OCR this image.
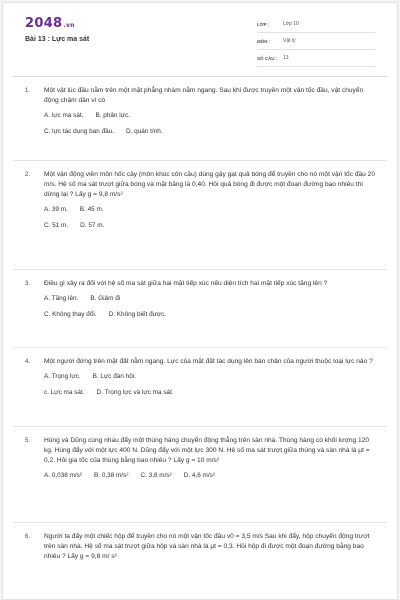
2048.vn
Bài 13 : Lực ma sát
LỚP :	Lớp 10
MÔN :	Vật lý
SỐ CÂU :	13
1. Một vật lúc đầu nằm trên một mặt phẳng nhám nằm ngang. Sau khi được truyền một vận tốc đầu, vật chuyển động chậm dần vì có
A. lực ma sát. B. phản lực.
C. lực tác dụng ban đầu. D. quán tính.
2. Một vận động viên môn hốc cây (môn khúc côn cầu) dùng gậy gạt quả bóng để truyền cho nó một vận tốc đầu 20 m/s. Hệ số ma sát trượt giữa bóng và mặt băng là 0,40. Hỏi quả bóng đi được một đoạn đường bao nhiêu thì dừng lại ? Lấy g = 9,8 m/s²
A. 39 m. B. 45 m.
C. 51 m. D. 57 m.
3. Điều gì xảy ra đối với hệ số ma sát giữa hai mặt tiếp xúc nếu diện tích hai mặt tiếp xúc tăng lên ?
A. Tăng lên. B. Giảm đi
C. Không thay đổi. D. Không biết được.
4. Một người đứng trên mặt đất nằm ngang. Lực của mặt đất tác dụng lên bàn chân của người thuộc loại lực nào ?
A. Trọng lực. B. Lực đàn hồi.
c. Lực ma sát. D. Trọng lực và lực ma sát.
5. Hùng và Dũng cùng nhau đẩy một thùng hàng chuyển động thẳng trên sàn nhà. Thùng hàng có khối lượng 120 kg. Hùng đẩy với một lực 400 N. Dũng đẩy với một lực 300 N. Hệ số ma sát trượt giữa thùng và sàn nhà là μt = 0,2. Hỏi gia tốc của thùng bằng bao nhiêu ? Lấy g = 10 m/s²
A. 0,038 m/s² B. 0,38 m/s² C. 3,8 m/s² D. 4,6 m/s²
6. Người ta đẩy một chiếc hộp để truyền cho nó một vận tốc đầu v0 = 3,5 m/s Sau khi đẩy, hộp chuyển động trượt trên sàn nhà. Hệ số ma sát trượt giữa hộp và sàn nhà là μt = 0,3. Hỏi hộp đi được một đoạn đường bằng bao nhiêu ? Lấy g = 9,8 m/ s²
